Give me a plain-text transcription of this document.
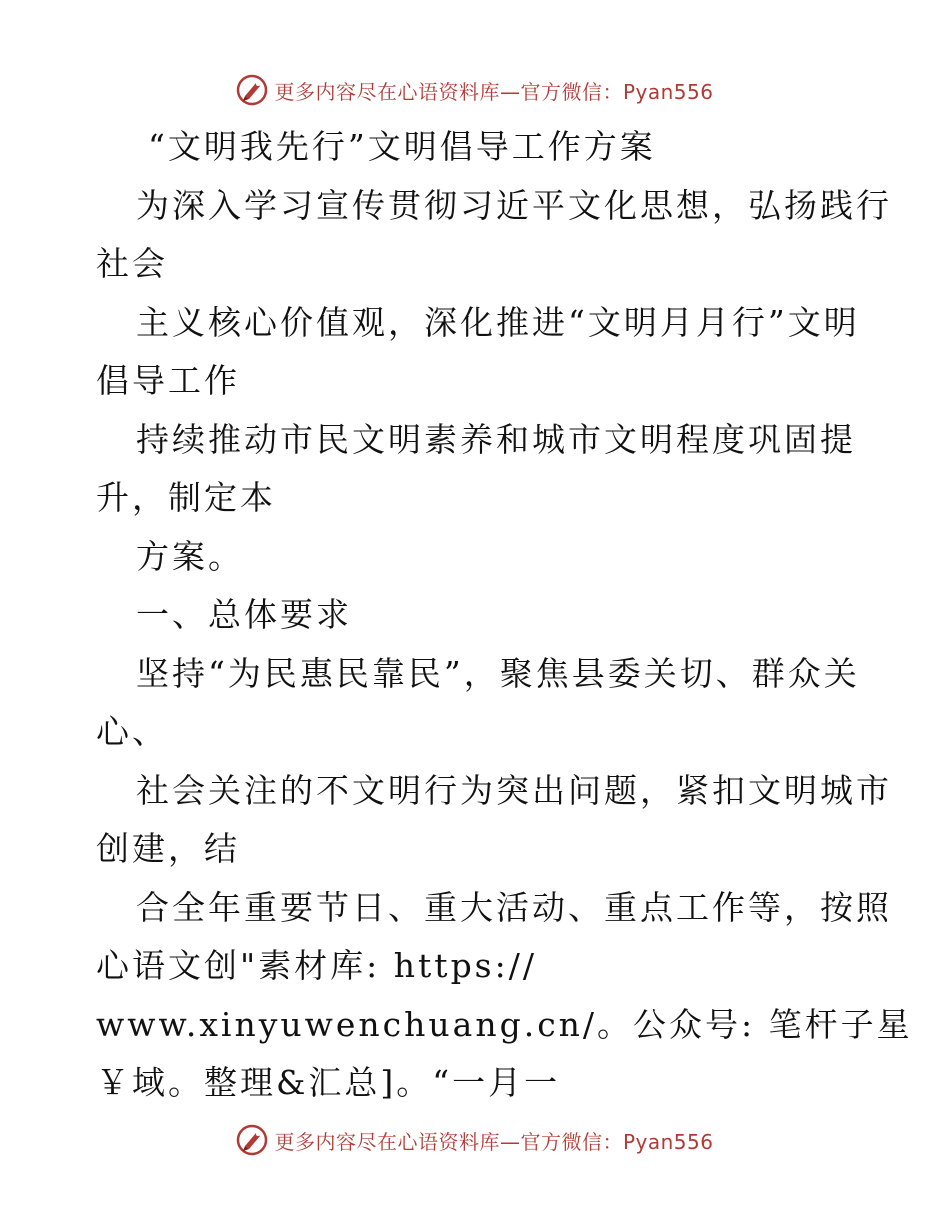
更多内容尽在心语资料库—官方微信：Pyan556
“文明我先行”文明倡导工作方案
为深入学习宣传贯彻习近平文化思想，弘扬践行
社会
主义核心价值观，深化推进“文明月月行”文明
倡导工作
持续推动市民文明素养和城市文明程度巩固提
升，制定本
方案。
一、总体要求
坚持“为民惠民靠民”，聚焦县委关切、群众关
心、
社会关注的不文明行为突出问题，紧扣文明城市
创建，结
合全年重要节日、重大活动、重点工作等，按照
心语文创"素材库: https://
www.xinyuwenchuang.cn/。公众号: 笔杆子星
￥域。整理&汇总]。“一月一
更多内容尽在心语资料库—官方微信：Pyan556
